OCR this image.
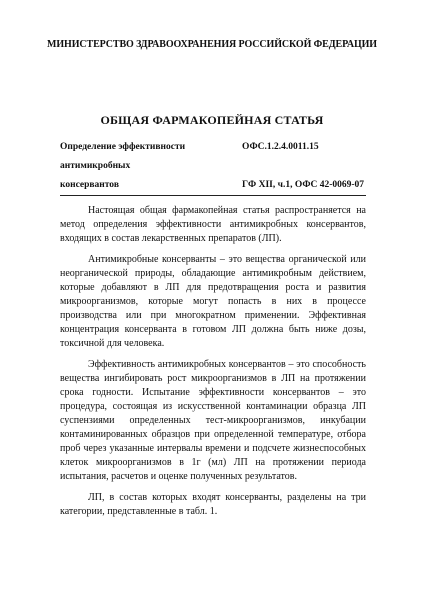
МИНИСТЕРСТВО ЗДРАВООХРАНЕНИЯ РОССИЙСКОЙ ФЕДЕРАЦИИ
ОБЩАЯ ФАРМАКОПЕЙНАЯ СТАТЬЯ
Определение эффективности
антимикробных
консервантов
ОФС.1.2.4.0011.15
ГФ XII, ч.1, ОФС 42-0069-07

Настоящая общая фармакопейная статья распространяется на метод определения эффективности антимикробных консервантов, входящих в состав лекарственных препаратов (ЛП).

Антимикробные консерванты – это вещества органической или неорганической природы, обладающие антимикробным действием, которые добавляют в ЛП для предотвращения роста и развития микроорганизмов, которые могут попасть в них в процессе производства или при многократном применении. Эффективная концентрация консерванта в готовом ЛП должна быть ниже дозы, токсичной для человека.

Эффективность антимикробных консервантов – это способность вещества ингибировать рост микроорганизмов в ЛП на протяжении срока годности. Испытание эффективности консервантов – это процедура, состоящая из искусственной контаминации образца ЛП суспензиями определенных тест-микроорганизмов, инкубации контаминированных образцов при определенной температуре, отбора проб через указанные интервалы времени и подсчете жизнеспособных клеток микроорганизмов в 1г (мл) ЛП на протяжении периода испытания, расчетов и оценке полученных результатов.

ЛП, в состав которых входят консерванты, разделены на три категории, представленные в табл. 1.
